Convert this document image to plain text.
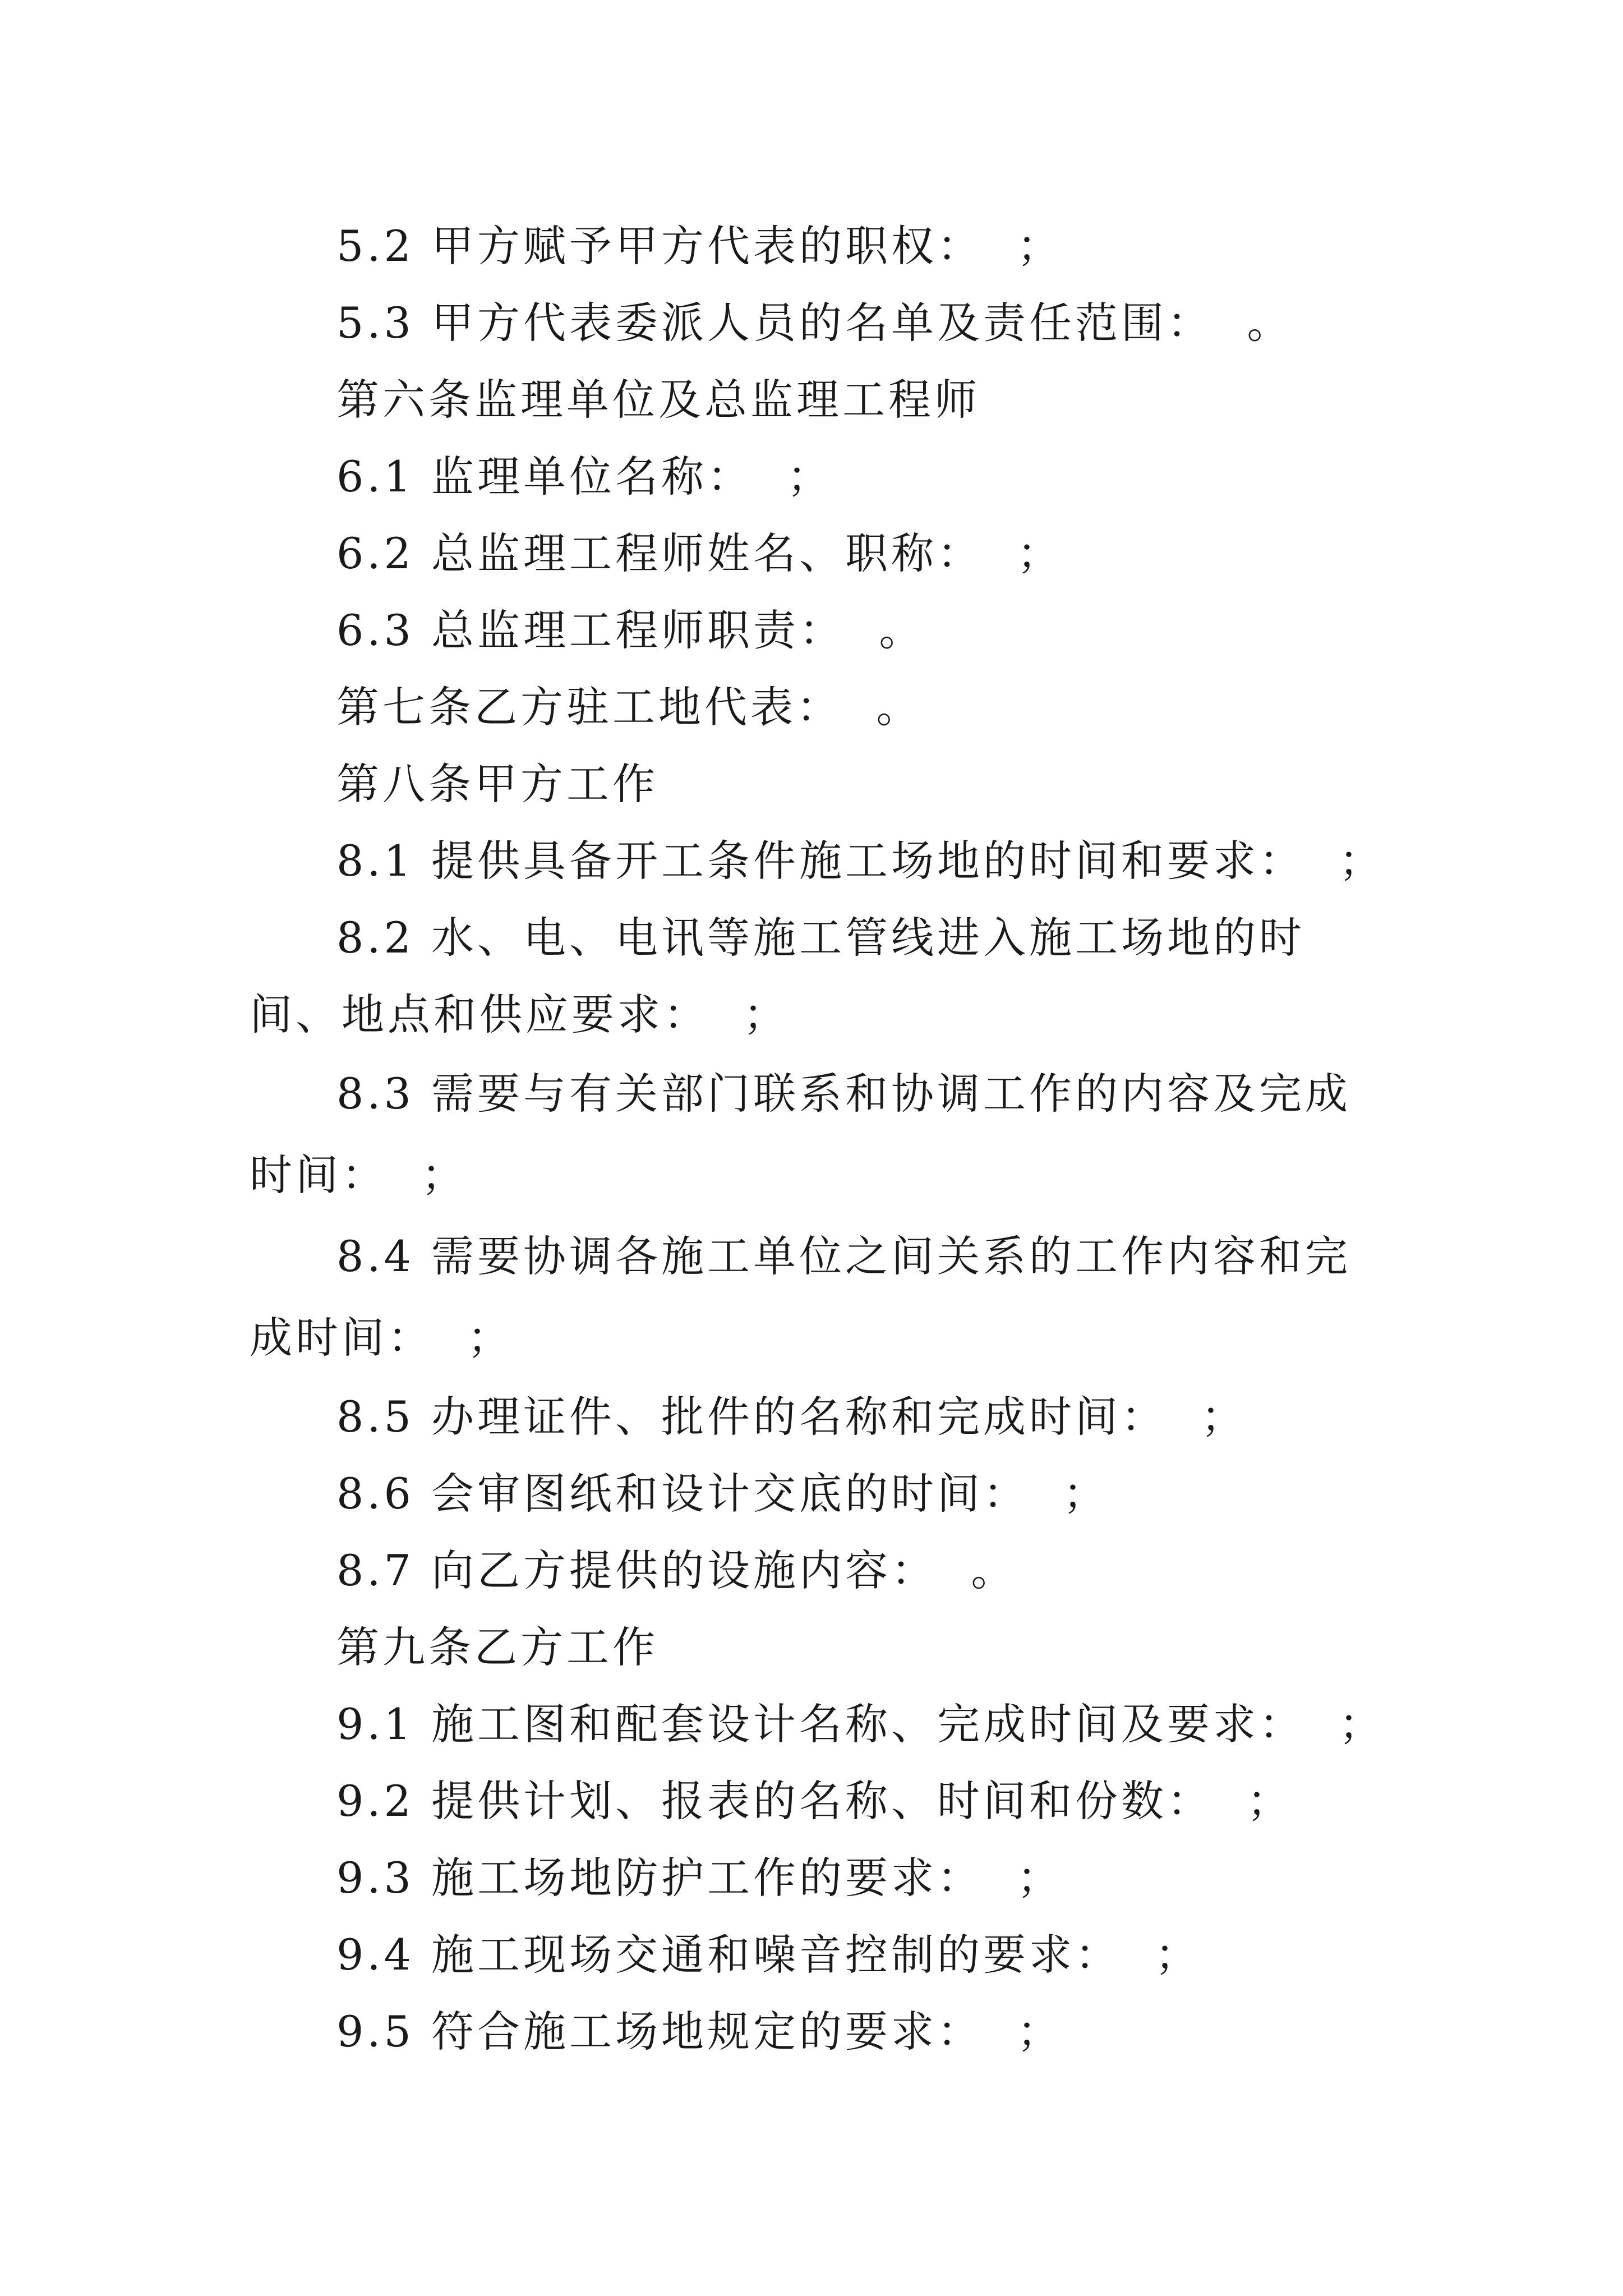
5.2 甲方赋予甲方代表的职权：  ；

5.3 甲方代表委派人员的名单及责任范围：  。

第六条监理单位及总监理工程师

6.1 监理单位名称：  ；

6.2 总监理工程师姓名、职称：  ；

6.3 总监理工程师职责：  。

第七条乙方驻工地代表：  。

第八条甲方工作

8.1 提供具备开工条件施工场地的时间和要求：  ；

8.2 水、电、电讯等施工管线进入施工场地的时间、地点和供应要求：  ；

8.3 需要与有关部门联系和协调工作的内容及完成时间：  ；

8.4 需要协调各施工单位之间关系的工作内容和完成时间：  ；

8.5 办理证件、批件的名称和完成时间：  ；

8.6 会审图纸和设计交底的时间：  ；

8.7 向乙方提供的设施内容：  。

第九条乙方工作

9.1 施工图和配套设计名称、完成时间及要求：  ；

9.2 提供计划、报表的名称、时间和份数：  ；

9.3 施工场地防护工作的要求：  ；

9.4 施工现场交通和噪音控制的要求：  ；

9.5 符合施工场地规定的要求：  ；
